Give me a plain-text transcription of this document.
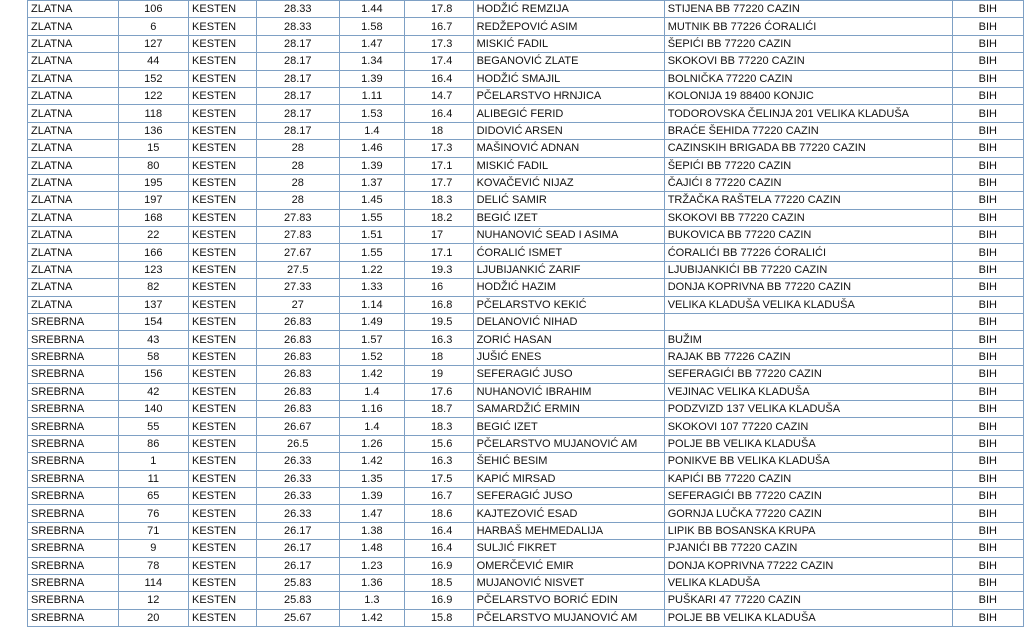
ZLATNA	106	KESTEN	28.33	1.44	17.8	HODŽIĆ REMZIJA	STIJENA BB 77220 CAZIN	BIH
ZLATNA	6	KESTEN	28.33	1.58	16.7	REDŽEPOVIĆ ASIM	MUTNIK BB 77226 ĆORALIĆI	BIH
ZLATNA	127	KESTEN	28.17	1.47	17.3	MISKIĆ FADIL	ŠEPIĆI BB 77220 CAZIN	BIH
ZLATNA	44	KESTEN	28.17	1.34	17.4	BEGANOVIĆ ZLATE	SKOKOVI BB 77220 CAZIN	BIH
ZLATNA	152	KESTEN	28.17	1.39	16.4	HODŽIĆ SMAJIL	BOLNIČKA 77220 CAZIN	BIH
ZLATNA	122	KESTEN	28.17	1.11	14.7	PČELARSTVO HRNJICA	KOLONIJA 19 88400 KONJIC	BIH
ZLATNA	118	KESTEN	28.17	1.53	16.4	ALIBEGIĆ FERID	TODOROVSKA ČELINJA 201 VELIKA KLADUŠA	BIH
ZLATNA	136	KESTEN	28.17	1.4	18	DIDOVIĆ ARSEN	BRAĆE ŠEHIDA 77220 CAZIN	BIH
ZLATNA	15	KESTEN	28	1.46	17.3	MAŠINOVIĆ ADNAN	CAZINSKIH BRIGADA BB 77220 CAZIN	BIH
ZLATNA	80	KESTEN	28	1.39	17.1	MISKIĆ FADIL	ŠEPIĆI BB 77220 CAZIN	BIH
ZLATNA	195	KESTEN	28	1.37	17.7	KOVAČEVIĆ NIJAZ	ČAJIĆI 8 77220 CAZIN	BIH
ZLATNA	197	KESTEN	28	1.45	18.3	DELIĆ SAMIR	TRŽAČKA RAŠTELA 77220 CAZIN	BIH
ZLATNA	168	KESTEN	27.83	1.55	18.2	BEGIĆ IZET	SKOKOVI BB 77220 CAZIN	BIH
ZLATNA	22	KESTEN	27.83	1.51	17	NUHANOVIĆ SEAD I ASIMA	BUKOVICA BB 77220 CAZIN	BIH
ZLATNA	166	KESTEN	27.67	1.55	17.1	ĆORALIĆ ISMET	ĆORALIĆI BB 77226 ĆORALIĆI	BIH
ZLATNA	123	KESTEN	27.5	1.22	19.3	LJUBIJANKIĆ ZARIF	LJUBIJANKIĆI BB 77220 CAZIN	BIH
ZLATNA	82	KESTEN	27.33	1.33	16	HODŽIĆ HAZIM	DONJA KOPRIVNA BB 77220 CAZIN	BIH
ZLATNA	137	KESTEN	27	1.14	16.8	PČELARSTVO KEKIĆ	VELIKA KLADUŠA VELIKA KLADUŠA	BIH
SREBRNA	154	KESTEN	26.83	1.49	19.5	DELANOVIĆ NIHAD		BIH
SREBRNA	43	KESTEN	26.83	1.57	16.3	ZORIĆ HASAN	BUŽIM	BIH
SREBRNA	58	KESTEN	26.83	1.52	18	JUŠIĆ ENES	RAJAK BB 77226 CAZIN	BIH
SREBRNA	156	KESTEN	26.83	1.42	19	SEFERAGIĆ JUSO	SEFERAGIĆI BB 77220 CAZIN	BIH
SREBRNA	42	KESTEN	26.83	1.4	17.6	NUHANOVIĆ IBRAHIM	VEJINAC VELIKA KLADUŠA	BIH
SREBRNA	140	KESTEN	26.83	1.16	18.7	SAMARDŽIĆ ERMIN	PODZVIZD 137 VELIKA KLADUŠA	BIH
SREBRNA	55	KESTEN	26.67	1.4	18.3	BEGIĆ IZET	SKOKOVI 107 77220 CAZIN	BIH
SREBRNA	86	KESTEN	26.5	1.26	15.6	PČELARSTVO MUJANOVIĆ AM	POLJE BB VELIKA KLADUŠA	BIH
SREBRNA	1	KESTEN	26.33	1.42	16.3	ŠEHIĆ BESIM	PONIKVE BB VELIKA KLADUŠA	BIH
SREBRNA	11	KESTEN	26.33	1.35	17.5	KAPIĆ MIRSAD	KAPIĆI BB 77220 CAZIN	BIH
SREBRNA	65	KESTEN	26.33	1.39	16.7	SEFERAGIĆ JUSO	SEFERAGIĆI BB 77220 CAZIN	BIH
SREBRNA	76	KESTEN	26.33	1.47	18.6	KAJTEZOVIĆ ESAD	GORNJA LUČKA 77220 CAZIN	BIH
SREBRNA	71	KESTEN	26.17	1.38	16.4	HARBAŠ MEHMEDALIJA	LIPIK BB BOSANSKA KRUPA	BIH
SREBRNA	9	KESTEN	26.17	1.48	16.4	SULJIĆ FIKRET	PJANIĆI BB 77220 CAZIN	BIH
SREBRNA	78	KESTEN	26.17	1.23	16.9	OMERČEVIĆ EMIR	DONJA KOPRIVNA 77222 CAZIN	BIH
SREBRNA	114	KESTEN	25.83	1.36	18.5	MUJANOVIĆ NISVET	VELIKA KLADUŠA	BIH
SREBRNA	12	KESTEN	25.83	1.3	16.9	PČELARSTVO BORIĆ EDIN	PUŠKARI 47 77220 CAZIN	BIH
SREBRNA	20	KESTEN	25.67	1.42	15.8	PČELARSTVO MUJANOVIĆ AM	POLJE BB VELIKA KLADUŠA	BIH
